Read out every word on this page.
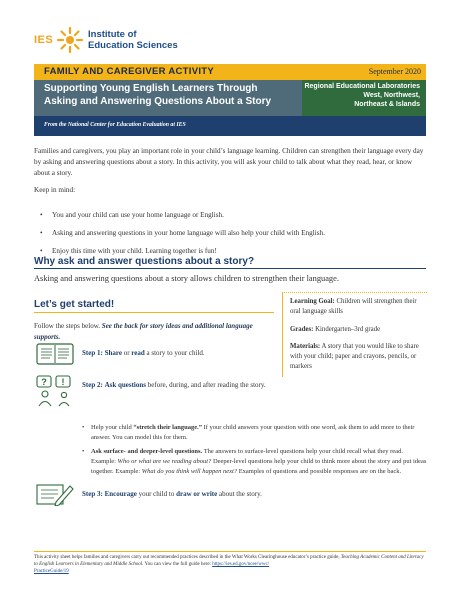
IES	Institute of
Education Sciences
FAMILY AND CAREGIVER ACTIVITY	September 2020
Supporting Young English Learners Through
Asking and Answering Questions About a Story
Regional Educational Laboratories
West, Northwest,
Northeast & Islands
From the National Center for Education Evaluation at IES

Families and caregivers, you play an important role in your child’s language learning. Children can strengthen their language every day by asking and answering questions about a story. In this activity, you will ask your child to talk about what they read, hear, or know about a story.

Keep in mind:

• You and your child can use your home language or English.
• Asking and answering questions in your home language will also help your child with English.
• Enjoy this time with your child. Learning together is fun!
Why ask and answer questions about a story?
Asking and answering questions about a story allows children to strengthen their language.
Let’s get started!	Learning Goal: Children will strengthen their oral language skills

Grades: Kindergarten–3rd grade

Materials: A story that you would like to share with your child; paper and crayons, pencils, or markers

Follow the steps below. See the back for story ideas and additional language supports.

Step 1: Share or read a story to your child.

? !	Step 2: Ask questions before, during, and after reading the story.

• Help your child “stretch their language.” If your child answers your question with one word, ask them to add more to their answer. You can model this for them.
• Ask surface- and deeper-level questions. The answers to surface-level questions help your child recall what they read. Example: Who or what are we reading about? Deeper-level questions help your child to think more about the story and put ideas together. Example: What do you think will happen next? Examples of questions and possible responses are on the back.

Step 3: Encourage your child to draw or write about the story.

This activity sheet helps families and caregivers carry out recommended practices described in the What Works Clearinghouse educator’s practice guide, Teaching Academic Content and Literacy to English Learners in Elementary and Middle School. You can view the full guide here: https://ies.ed.gov/ncee/wwc/
PracticeGuide/19
